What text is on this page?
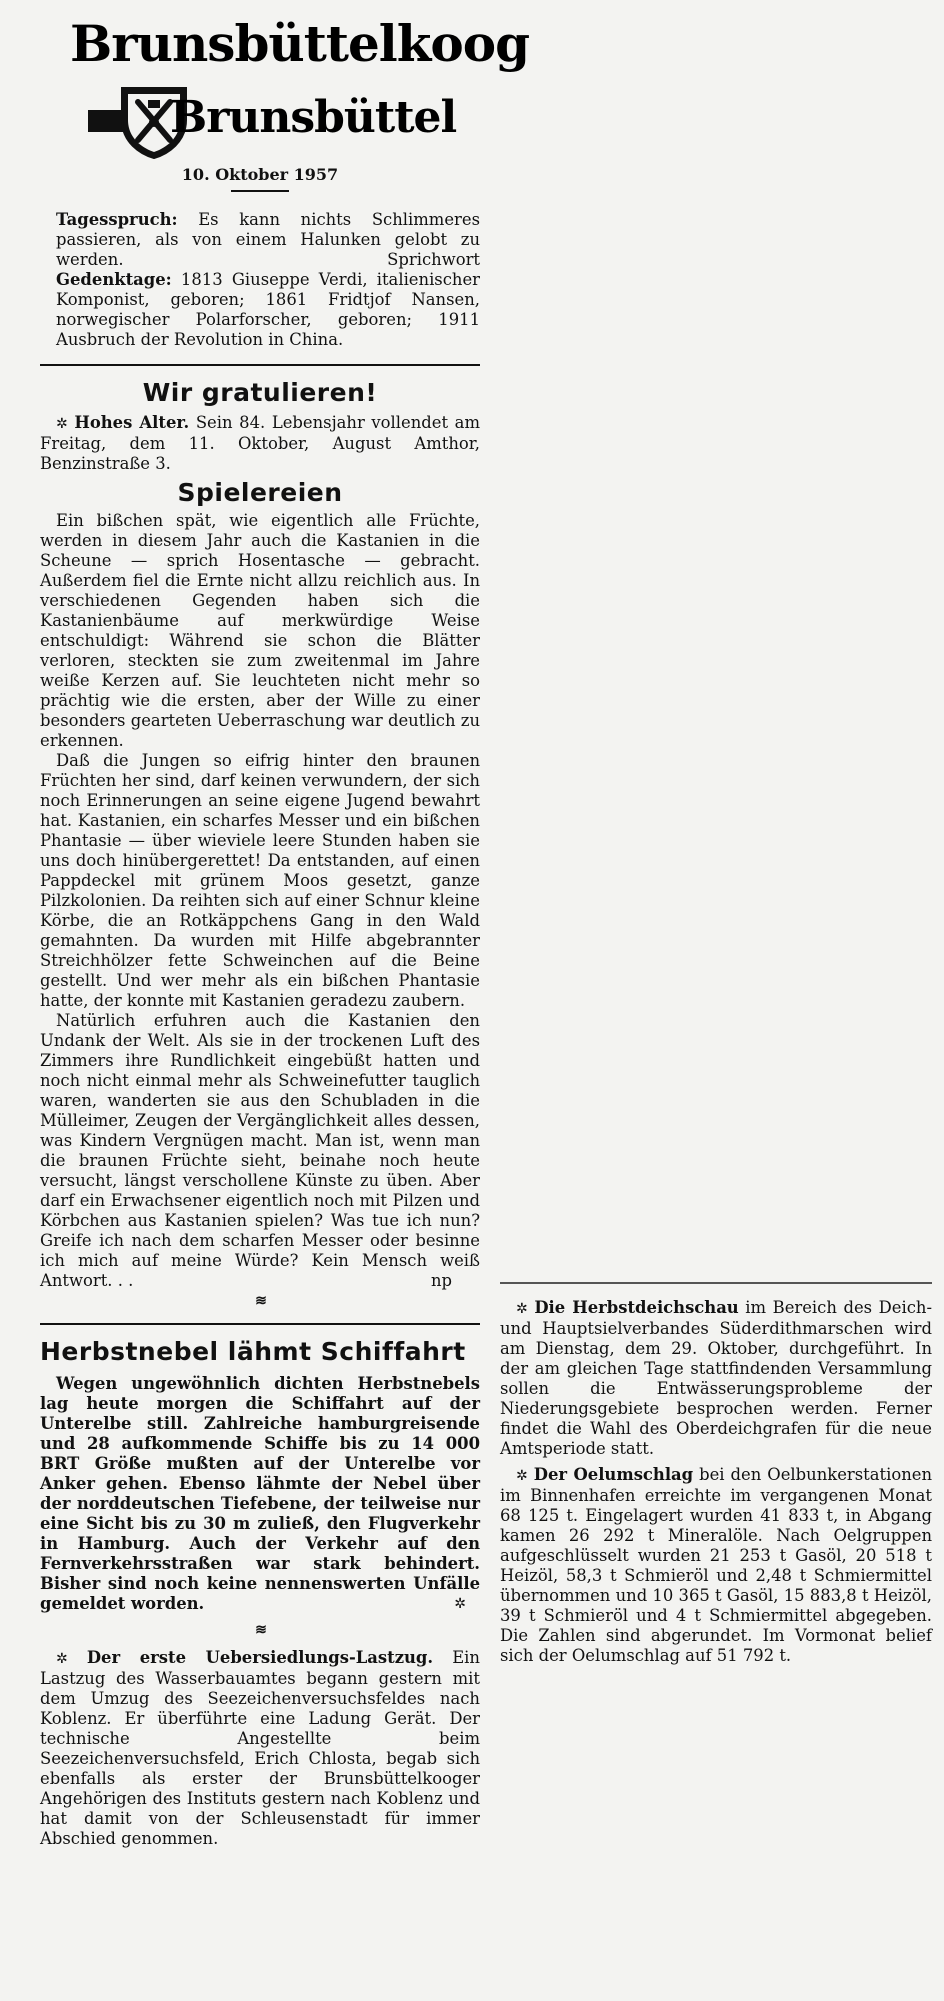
Brunsbüttelkoog
Brunsbüttel
10. Oktober 1957

Tagesspruch: Es kann nichts Schlimmeres passieren, als von einem Halunken gelobt zu werden.	Sprichwort

Gedenktage: 1813 Giuseppe Verdi, italienischer Komponist, geboren; 1861 Fridtjof Nansen, norwegischer Polarforscher, geboren; 1911 Ausbruch der Revolution in China.

Wir gratulieren!

✲ Hohes Alter. Sein 84. Lebensjahr vollendet am Freitag, dem 11. Oktober, August Amthor, Benzinstraße 3.

Spielereien

Ein bißchen spät, wie eigentlich alle Früchte, werden in diesem Jahr auch die Kastanien in die Scheune — sprich Hosentasche — gebracht. Außerdem fiel die Ernte nicht allzu reichlich aus. In verschiedenen Gegenden haben sich die Kastanienbäume auf merkwürdige Weise entschuldigt: Während sie schon die Blätter verloren, steckten sie zum zweitenmal im Jahre weiße Kerzen auf. Sie leuchteten nicht mehr so prächtig wie die ersten, aber der Wille zu einer besonders gearteten Ueberraschung war deutlich zu erkennen.

Daß die Jungen so eifrig hinter den braunen Früchten her sind, darf keinen verwundern, der sich noch Erinnerungen an seine eigene Jugend bewahrt hat. Kastanien, ein scharfes Messer und ein bißchen Phantasie — über wieviele leere Stunden haben sie uns doch hinübergerettet! Da entstanden, auf einen Pappdeckel mit grünem Moos gesetzt, ganze Pilzkolonien. Da reihten sich auf einer Schnur kleine Körbe, die an Rotkäppchens Gang in den Wald gemahnten. Da wurden mit Hilfe abgebrannter Streichhölzer fette Schweinchen auf die Beine gestellt. Und wer mehr als ein bißchen Phantasie hatte, der konnte mit Kastanien geradezu zaubern.

Natürlich erfuhren auch die Kastanien den Undank der Welt. Als sie in der trockenen Luft des Zimmers ihre Rundlichkeit eingebüßt hatten und noch nicht einmal mehr als Schweinefutter tauglich waren, wanderten sie aus den Schubladen in die Mülleimer, Zeugen der Vergänglichkeit alles dessen, was Kindern Vergnügen macht. Man ist, wenn man die braunen Früchte sieht, beinahe noch heute versucht, längst verschollene Künste zu üben. Aber darf ein Erwachsener eigentlich noch mit Pilzen und Körbchen aus Kastanien spielen? Was tue ich nun? Greife ich nach dem scharfen Messer oder besinne ich mich auf meine Würde? Kein Mensch weiß Antwort. . .	np

≋
Herbstnebel lähmt Schiffahrt

Wegen ungewöhnlich dichten Herbstnebels lag heute morgen die Schiffahrt auf der Unterelbe still. Zahlreiche hamburgreisende und 28 aufkommende Schiffe bis zu 14 000 BRT Größe mußten auf der Unterelbe vor Anker gehen. Ebenso lähmte der Nebel über der norddeutschen Tiefebene, der teilweise nur eine Sicht bis zu 30 m zuließ, den Flugverkehr in Hamburg. Auch der Verkehr auf den Fernverkehrsstraßen war stark behindert. Bisher sind noch keine nennenswerten Unfälle gemeldet worden.	✲

≋

✲ Der erste Uebersiedlungs-Lastzug. Ein Lastzug des Wasserbauamtes begann gestern mit dem Umzug des Seezeichenversuchsfeldes nach Koblenz. Er überführte eine Ladung Gerät. Der technische Angestellte beim Seezeichenversuchsfeld, Erich Chlosta, begab sich ebenfalls als erster der Brunsbüttelkooger Angehörigen des Instituts gestern nach Koblenz und hat damit von der Schleusenstadt für immer Abschied genommen.

✲ Die Herbstdeichschau im Bereich des Deich- und Hauptsielverbandes Süderdithmarschen wird am Dienstag, dem 29. Oktober, durchgeführt. In der am gleichen Tage stattfindenden Versammlung sollen die Entwässerungsprobleme der Niederungsgebiete besprochen werden. Ferner findet die Wahl des Oberdeichgrafen für die neue Amtsperiode statt.

✲ Der Oelumschlag bei den Oelbunkerstationen im Binnenhafen erreichte im vergangenen Monat 68 125 t. Eingelagert wurden 41 833 t, in Abgang kamen 26 292 t Mineralöle. Nach Oelgruppen aufgeschlüsselt wurden 21 253 t Gasöl, 20 518 t Heizöl, 58,3 t Schmieröl und 2,48 t Schmiermittel übernommen und 10 365 t Gasöl, 15 883,8 t Heizöl, 39 t Schmieröl und 4 t Schmiermittel abgegeben. Die Zahlen sind abgerundet. Im Vormonat belief sich der Oelumschlag auf 51 792 t.
